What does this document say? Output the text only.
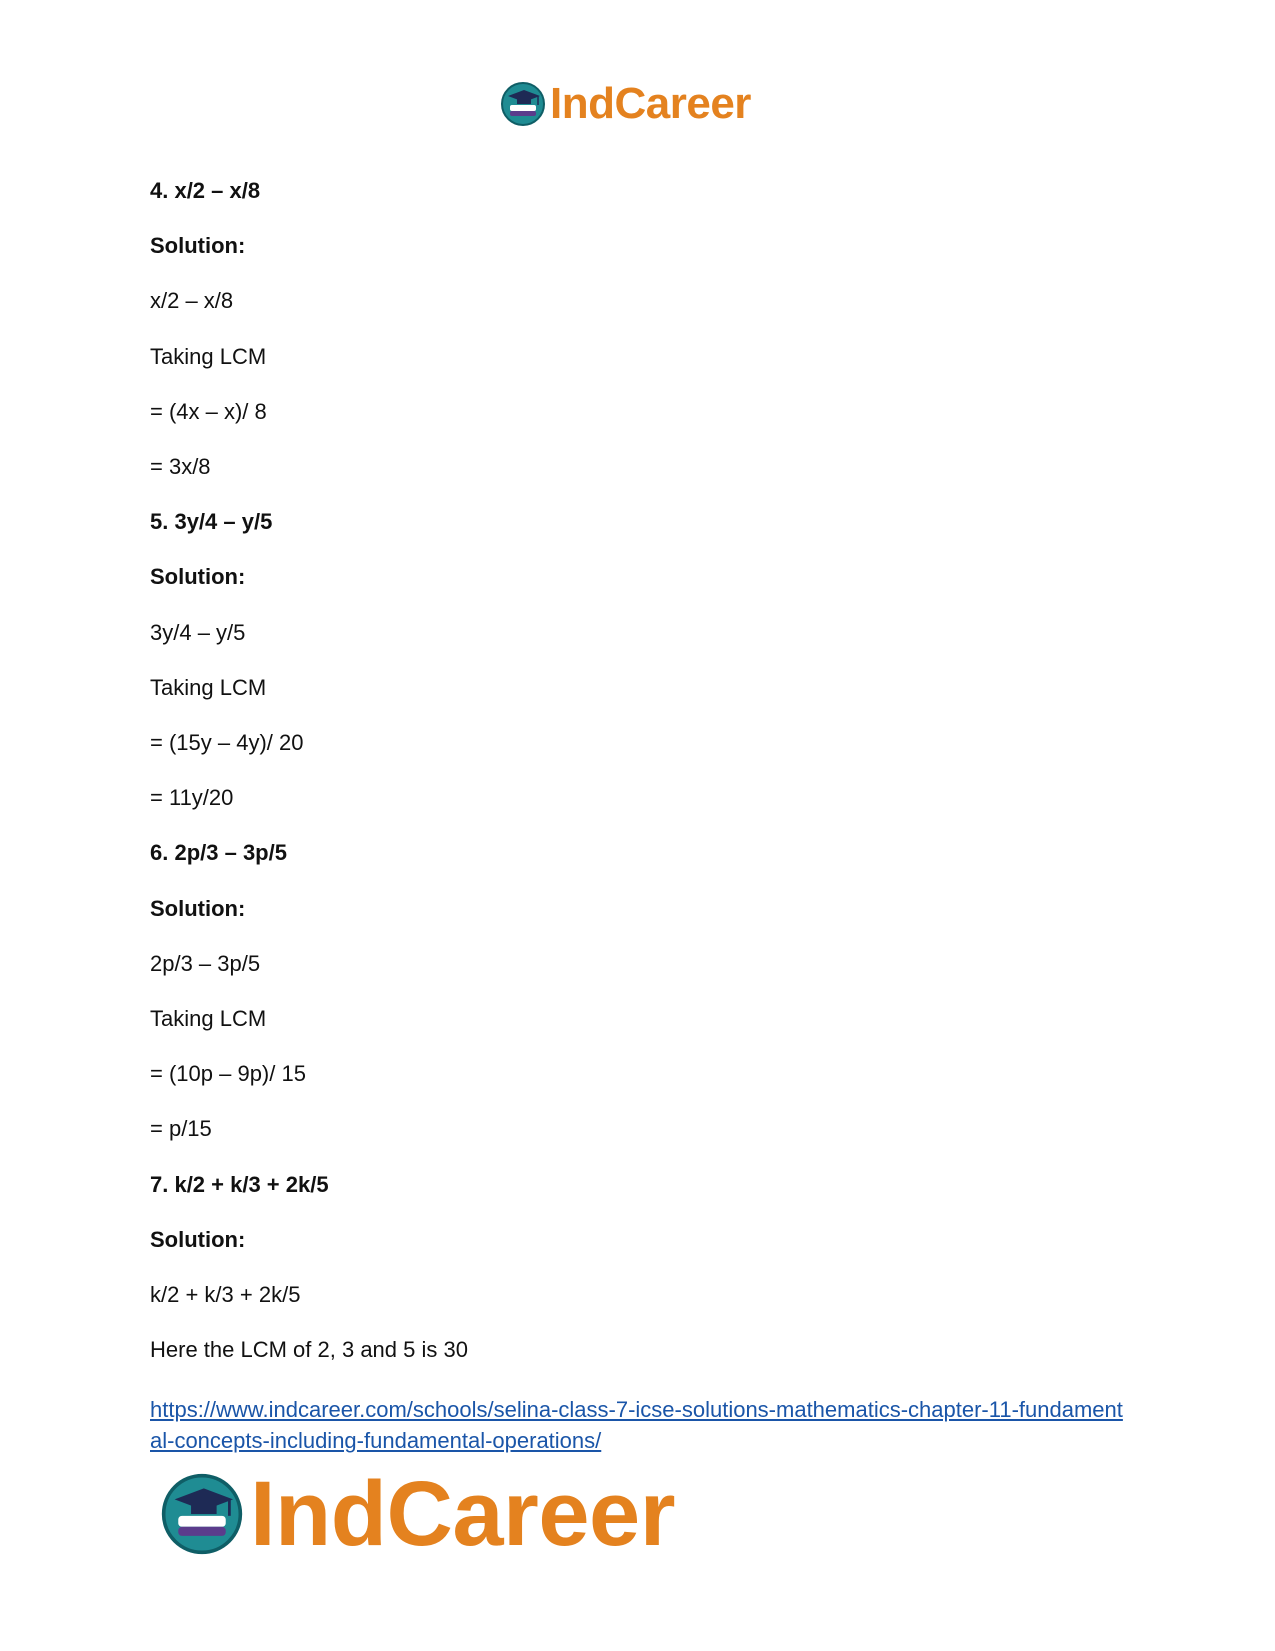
IndCareer
4. x/2 – x/8
Solution:
x/2 – x/8
Taking LCM
= (4x – x)/ 8
= 3x/8
5. 3y/4 – y/5
Solution:
3y/4 – y/5
Taking LCM
= (15y – 4y)/ 20
= 11y/20
6. 2p/3 – 3p/5
Solution:
2p/3 – 3p/5
Taking LCM
= (10p – 9p)/ 15
= p/15
7. k/2 + k/3 + 2k/5
Solution:
k/2 + k/3 + 2k/5
Here the LCM of 2, 3 and 5 is 30
https://www.indcareer.com/schools/selina-class-7-icse-solutions-mathematics-chapter-11-fundamental-concepts-including-fundamental-operations/
IndCareer
